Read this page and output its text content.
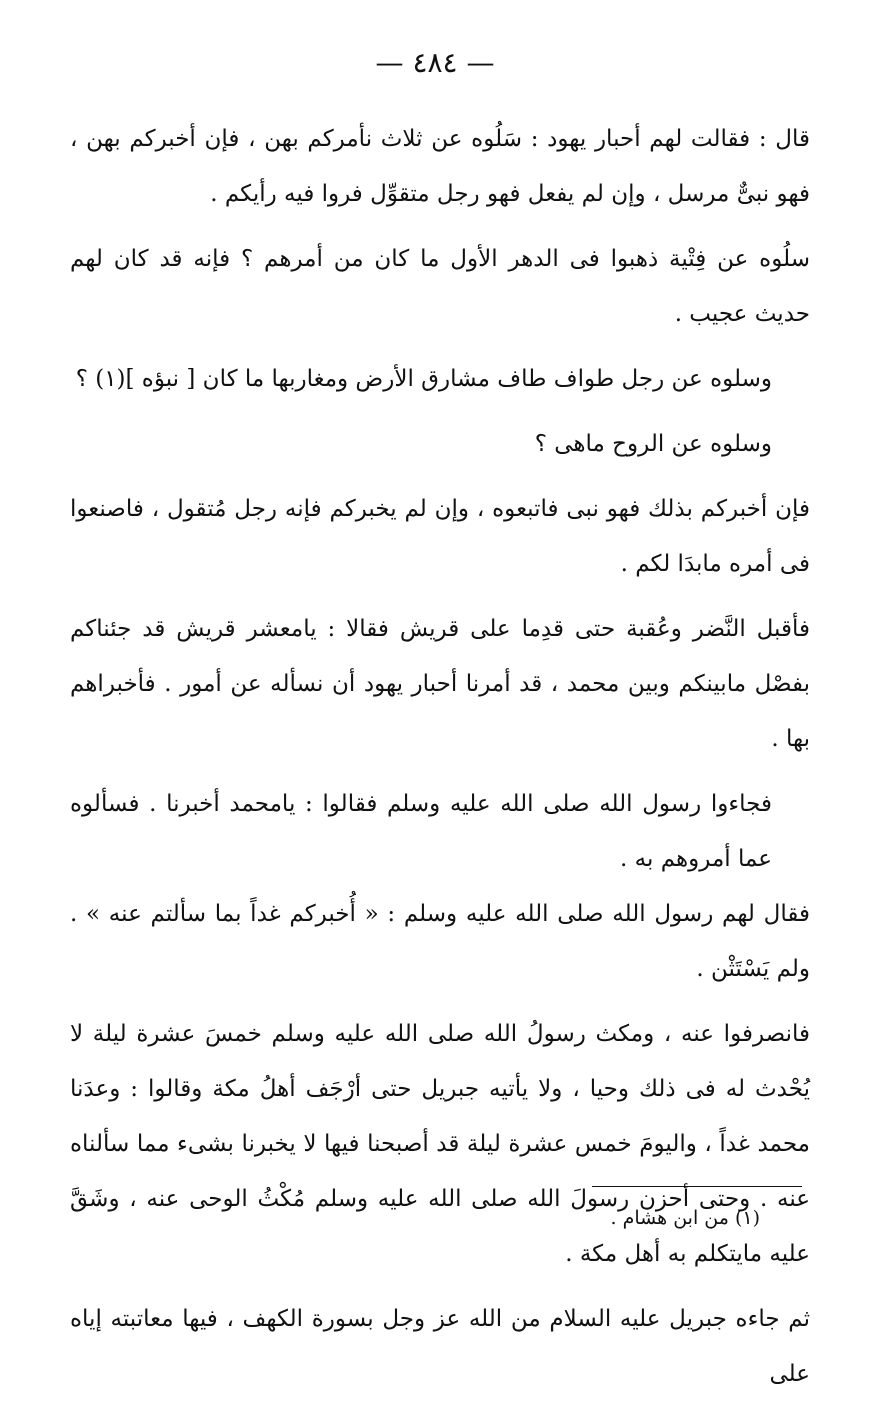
— ٤٨٤ —

قال : فقالت لهم أحبار يهود : سَلُوه عن ثلاث نأمركم بهن ، فإن أخبركم بهن ، فهو نبىٌّ مرسل ، وإن لم يفعل فهو رجل متقوِّل فروا فيه رأيكم .

سلُوه عن فِتْية ذهبوا فى الدهر الأول ما كان من أمرهم ؟ فإنه قد كان لهم حديث عجيب .

وسلوه عن رجل طواف طاف مشارق الأرض ومغاربها ما كان [ نبؤه ](١) ؟

وسلوه عن الروح ماهى ؟

فإن أخبركم بذلك فهو نبى فاتبعوه ، وإن لم يخبركم فإنه رجل مُتقول ، فاصنعوا فى أمره مابدَا لكم .

فأقبل النَّضر وعُقبة حتى قدِما على قريش فقالا : يامعشر قريش قد جئناكم بفصْل مابينكم وبين محمد ، قد أمرنا أحبار يهود أن نسأله عن أمور . فأخبراهم بها .

فجاءوا رسول الله صلى الله عليه وسلم فقالوا : يامحمد أخبرنا . فسألوه عما أمروهم به .

فقال لهم رسول الله صلى الله عليه وسلم : « أُخبركم غداً بما سألتم عنه » . ولم يَسْتَثْن .

فانصرفوا عنه ، ومكث رسولُ الله صلى الله عليه وسلم خمسَ عشرة ليلة لا يُحْدث له فى ذلك وحيا ، ولا يأتيه جبريل حتى أرْجَف أهلُ مكة وقالوا : وعدَنا محمد غداً ، واليومَ خمس عشرة ليلة قد أصبحنا فيها لا يخبرنا بشىء مما سألناه عنه . وحتى أحزن رسولَ الله صلى الله عليه وسلم مُكْثُ الوحى عنه ، وشَقَّ عليه مايتكلم به أهل مكة .

ثم جاءه جبريل عليه السلام من الله عز وجل بسورة الكهف ، فيها معاتبته إياه على

(١) من ابن هشام .
